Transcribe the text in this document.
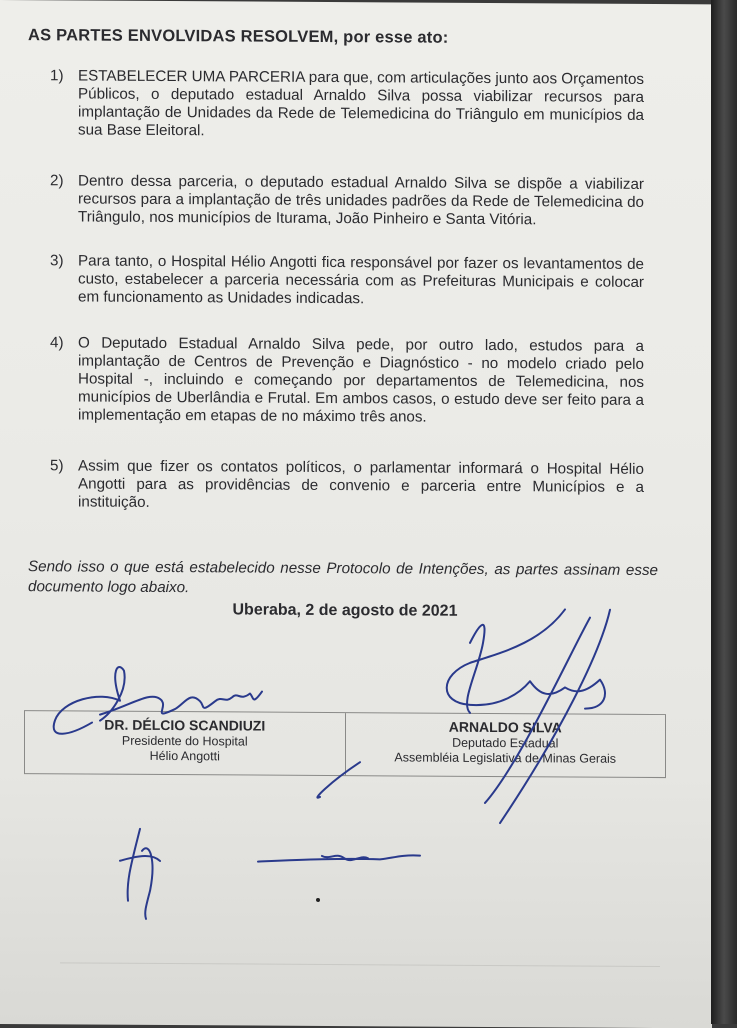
AS PARTES ENVOLVIDAS RESOLVEM, por esse ato:
1) ESTABELECER UMA PARCERIA para que, com articulações junto aos Orçamentos Públicos, o deputado estadual Arnaldo Silva possa viabilizar recursos para implantação de Unidades da Rede de Telemedicina do Triângulo em municípios da sua Base Eleitoral.
2) Dentro dessa parceria, o deputado estadual Arnaldo Silva se dispõe a viabilizar recursos para a implantação de três unidades padrões da Rede de Telemedicina do Triângulo, nos municípios de Iturama, João Pinheiro e Santa Vitória.
3) Para tanto, o Hospital Hélio Angotti fica responsável por fazer os levantamentos de custo, estabelecer a parceria necessária com as Prefeituras Municipais e colocar em funcionamento as Unidades indicadas.
4) O Deputado Estadual Arnaldo Silva pede, por outro lado, estudos para a implantação de Centros de Prevenção e Diagnóstico - no modelo criado pelo Hospital -, incluindo e começando por departamentos de Telemedicina, nos municípios de Uberlândia e Frutal. Em ambos casos, o estudo deve ser feito para a implementação em etapas de no máximo três anos.
5) Assim que fizer os contatos políticos, o parlamentar informará o Hospital Hélio Angotti para as providências de convenio e parceria entre Municípios e a instituição.
Sendo isso o que está estabelecido nesse Protocolo de Intenções, as partes assinam esse documento logo abaixo.
Uberaba, 2 de agosto de 2021
DR. DÉLCIO SCANDIUZI
Presidente do Hospital
Hélio Angotti
ARNALDO SILVA
Deputado Estadual
Assembléia Legislativa de Minas Gerais
